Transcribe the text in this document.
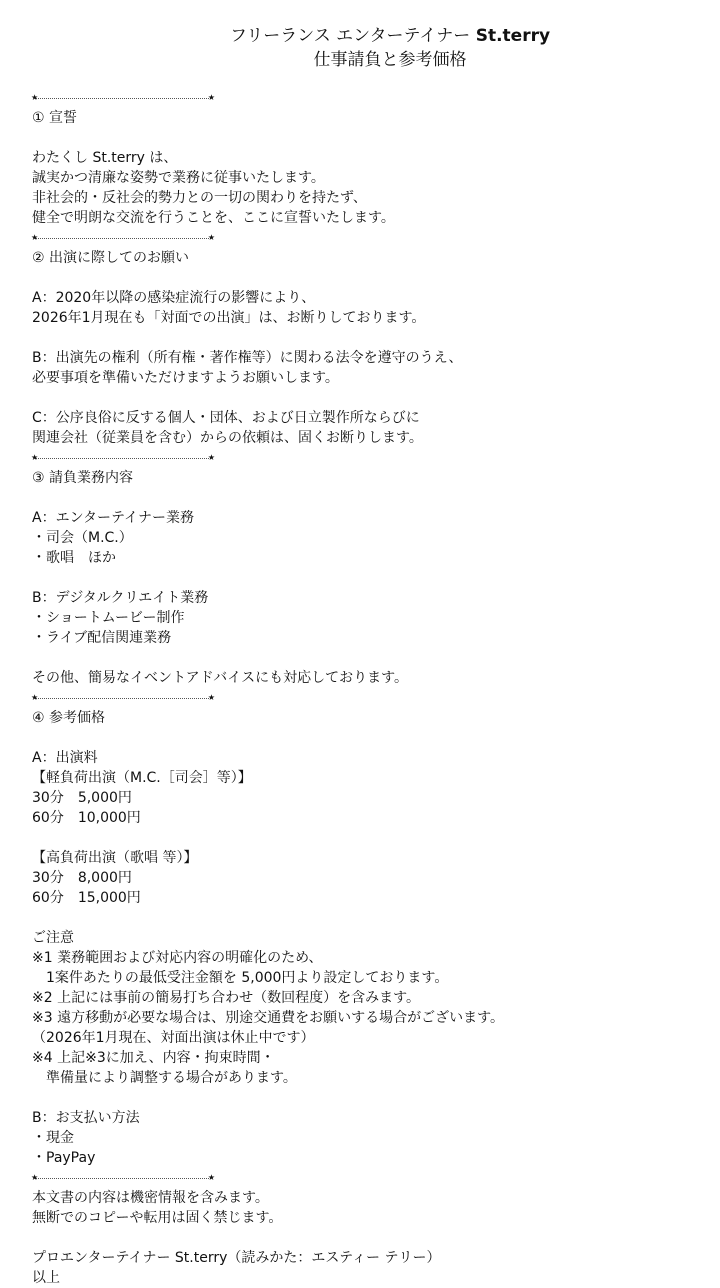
フリーランス エンターテイナー St.terry
仕事請負と参考価格
★	★
① 宣誓
わたくし St.terry は、
誠実かつ清廉な姿勢で業務に従事いたします。
非社会的・反社会的勢力との一切の関わりを持たず、
健全で明朗な交流を行うことを、ここに宣誓いたします。
★	★
② 出演に際してのお願い
A：2020年以降の感染症流行の影響により、
2026年1月現在も「対面での出演」は、お断りしております。
B：出演先の権利（所有権・著作権等）に関わる法令を遵守のうえ、
必要事項を準備いただけますようお願いします。
C：公序良俗に反する個人・団体、および日立製作所ならびに
関連会社（従業員を含む）からの依頼は、固くお断りします。
★	★
③ 請負業務内容
A：エンターテイナー業務
・司会（M.C.）
・歌唱　ほか
B：デジタルクリエイト業務
・ショートムービー制作
・ライブ配信関連業務
その他、簡易なイベントアドバイスにも対応しております。
★	★
④ 参考価格
A：出演料
【軽負荷出演（M.C.［司会］等）】
30分　5,000円
60分　10,000円
【高負荷出演（歌唱 等）】
30分　8,000円
60分　15,000円
ご注意
※1 業務範囲および対応内容の明確化のため、
　1案件あたりの最低受注金額を 5,000円より設定しております。
※2 上記には事前の簡易打ち合わせ（数回程度）を含みます。
※3 遠方移動が必要な場合は、別途交通費をお願いする場合がございます。
（2026年1月現在、対面出演は休止中です）
※4 上記※3に加え、内容・拘束時間・
　準備量により調整する場合があります。
B：お支払い方法
・現金
・PayPay
★	★
本文書の内容は機密情報を含みます。
無断でのコピーや転用は固く禁じます。
プロエンターテイナー St.terry（読みかた：エスティー テリー）
以上
